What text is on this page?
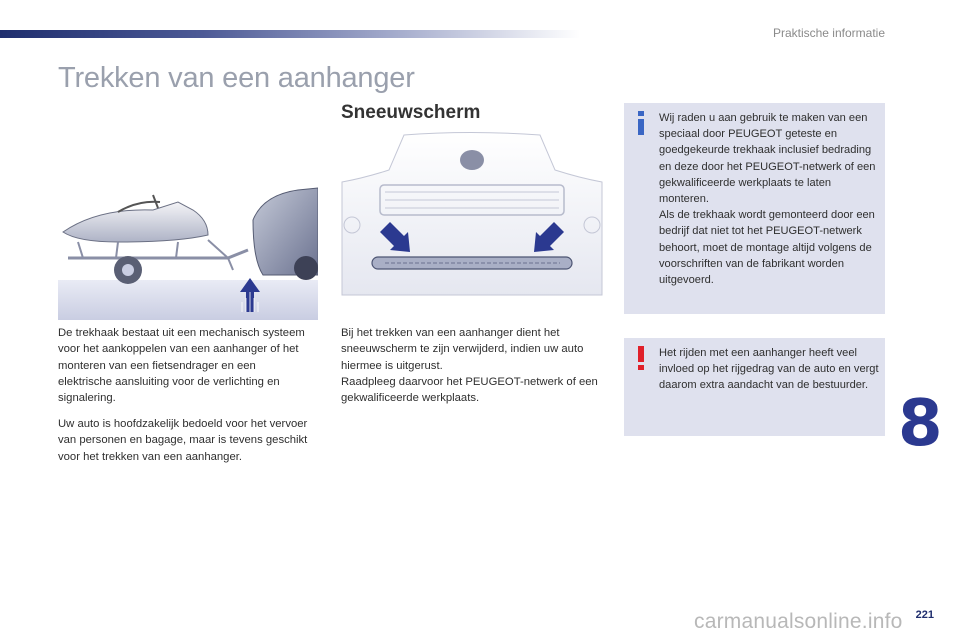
Praktische informatie
Trekken van een aanhanger

De trekhaak bestaat uit een mechanisch systeem voor het aankoppelen van een aanhanger of het monteren van een fietsendrager en een elektrische aansluiting voor de verlichting en signalering.

Uw auto is hoofdzakelijk bedoeld voor het vervoer van personen en bagage, maar is tevens geschikt voor het trekken van een aanhanger.

Sneeuwscherm

Bij het trekken van een aanhanger dient het sneeuwscherm te zijn verwijderd, indien uw auto hiermee is uitgerust.

Raadpleeg daarvoor het PEUGEOT-netwerk of een gekwalificeerde werkplaats.

Wij raden u aan gebruik te maken van een speciaal door PEUGEOT geteste en goedgekeurde trekhaak inclusief bedrading en deze door het PEUGEOT-netwerk of een gekwalificeerde werkplaats te laten monteren.

Als de trekhaak wordt gemonteerd door een bedrijf dat niet tot het PEUGEOT-netwerk behoort, moet de montage altijd volgens de voorschriften van de fabrikant worden uitgevoerd.

Het rijden met een aanhanger heeft veel invloed op het rijgedrag van de auto en vergt daarom extra aandacht van de bestuurder.

8
carmanualsonline.info 221
